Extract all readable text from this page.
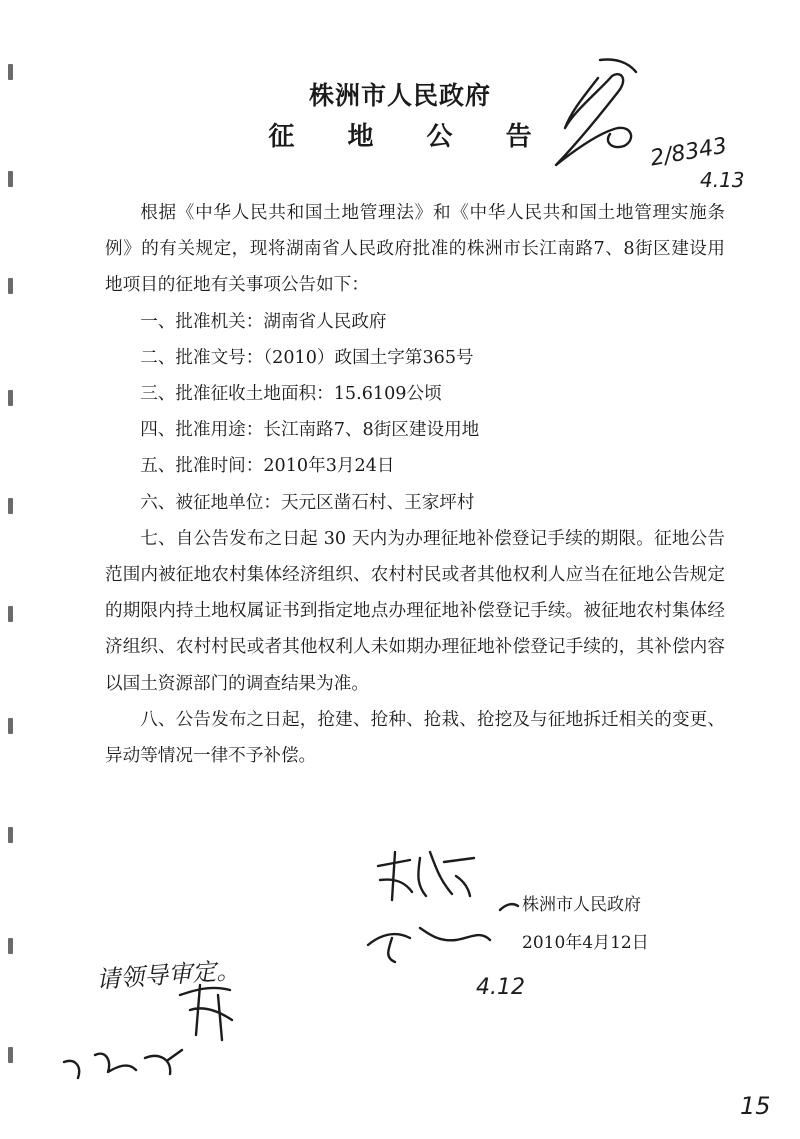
株洲市人民政府
征 地 公 告

根据《中华人民共和国土地管理法》和《中华人民共和国土地管理实施条例》的有关规定，现将湖南省人民政府批准的株洲市长江南路7、8街区建设用地项目的征地有关事项公告如下：

一、批准机关：湖南省人民政府

二、批准文号：（2010）政国土字第365号

三、批准征收土地面积：15.6109公顷

四、批准用途：长江南路7、8街区建设用地

五、批准时间：2010年3月24日

六、被征地单位：天元区凿石村、王家坪村

七、自公告发布之日起 30 天内为办理征地补偿登记手续的期限。征地公告范围内被征地农村集体经济组织、农村村民或者其他权利人应当在征地公告规定的期限内持土地权属证书到指定地点办理征地补偿登记手续。被征地农村集体经济组织、农村村民或者其他权利人未如期办理征地补偿登记手续的，其补偿内容以国土资源部门的调查结果为准。

八、公告发布之日起，抢建、抢种、抢栽、抢挖及与征地拆迁相关的变更、异动等情况一律不予补偿。

株洲市人民政府
2010年4月12日
2/8343
4.13
4.12
请领导审定。
15
